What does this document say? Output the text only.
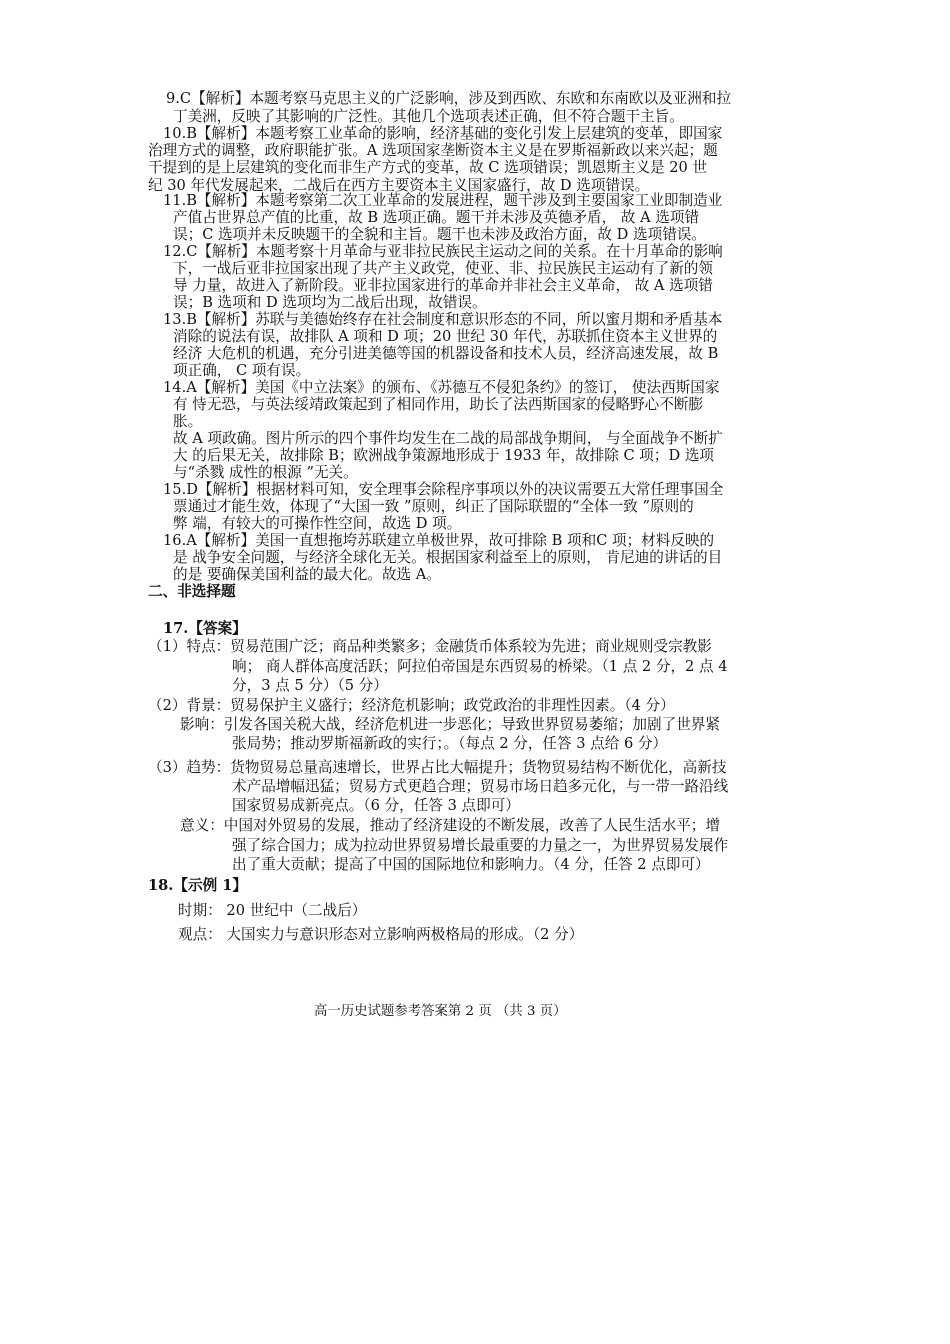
9.C【解析】本题考察马克思主义的广泛影响，涉及到西欧、东欧和东南欧以及亚洲和拉
丁美洲，反映了其影响的广泛性。其他几个选项表述正确，但不符合题干主旨。
10.B【解析】本题考察工业革命的影响，经济基础的变化引发上层建筑的变革，即国家
治理方式的调整，政府职能扩张。A 选项国家垄断资本主义是在罗斯福新政以来兴起；题
干提到的是上层建筑的变化而非生产方式的变革，故 C 选项错误；凯恩斯主义是 20 世
纪 30 年代发展起来，二战后在西方主要资本主义国家盛行，故 D 选项错误。
11.B【解析】本题考察第二次工业革命的发展进程，题干涉及到主要国家工业即制造业
产值占世界总产值的比重，故 B 选项正确。题干并未涉及英德矛盾， 故 A 选项错
误；C 选项并未反映题干的全貌和主旨。题干也未涉及政治方面，故 D 选项错误。
12.C【解析】本题考察十月革命与亚非拉民族民主运动之间的关系。在十月革命的影响
下，一战后亚非拉国家出现了共产主义政党，使亚、非、拉民族民主运动有了新的领
导 力量，故进入了新阶段。亚非拉国家进行的革命并非社会主义革命， 故 A 选项错
误；B 选项和 D 选项均为二战后出现，故错误。
13.B【解析】苏联与美德始终存在社会制度和意识形态的不同，所以蜜月期和矛盾基本
消除的说法有误，故排队 A 项和 D 项；20 世纪 30 年代，苏联抓住资本主义世界的
经济 大危机的机遇，充分引进美德等国的机器设备和技术人员，经济高速发展，故 B
项正确， C 项有误。
14.A【解析】美国《中立法案》的颁布、《苏德互不侵犯条约》的签订， 使法西斯国家
有 恃无恐，与英法绥靖政策起到了相同作用，助长了法西斯国家的侵略野心不断膨
胀。
故 A 项政确。图片所示的四个事件均发生在二战的局部战争期间， 与全面战争不断扩
大 的后果无关，故排除 B；欧洲战争策源地形成于 1933 年，故排除 C 项；D 选项
与“杀戮 成性的根源 ”无关。
15.D【解析】根据材料可知，安全理事会除程序事项以外的决议需要五大常任理事国全
票通过才能生效，体现了“大国一致 ”原则，纠正了国际联盟的“全体一致 ”原则的
弊 端，有较大的可操作性空间，故选 D 项。
16.A【解析】美国一直想拖垮苏联建立单极世界，故可排除 B 项和C 项；材料反映的
是 战争安全问题，与经济全球化无关。根据国家利益至上的原则， 肯尼迪的讲话的目
的是 要确保美国利益的最大化。故选 A。
二、非选择题
17.【答案】
（1）特点：贸易范围广泛；商品种类繁多；金融货币体系较为先进；商业规则受宗教影
响； 商人群体高度活跃；阿拉伯帝国是东西贸易的桥梁。（1 点 2 分，2 点 4
分，3 点 5 分）（5 分）
（2）背景：贸易保护主义盛行；经济危机影响；政党政治的非理性因素。（4 分）
影响：引发各国关税大战，经济危机进一步恶化；导致世界贸易萎缩；加剧了世界紧
张局势；推动罗斯福新政的实行；。（每点 2 分，任答 3 点给 6 分）
（3）趋势：货物贸易总量高速增长，世界占比大幅提升；货物贸易结构不断优化，高新技
术产品增幅迅猛；贸易方式更趋合理；贸易市场日趋多元化，与一带一路沿线
国家贸易成新亮点。（6 分，任答 3 点即可）
意义：中国对外贸易的发展，推动了经济建设的不断发展，改善了人民生活水平；增
强了综合国力；成为拉动世界贸易增长最重要的力量之一，为世界贸易发展作
出了重大贡献；提高了中国的国际地位和影响力。（4 分，任答 2 点即可）
18.【示例 1】
时期： 20 世纪中（二战后）
观点： 大国实力与意识形态对立影响两极格局的形成。（2 分）
高一历史试题参考答案第 2 页 （共 3 页）
